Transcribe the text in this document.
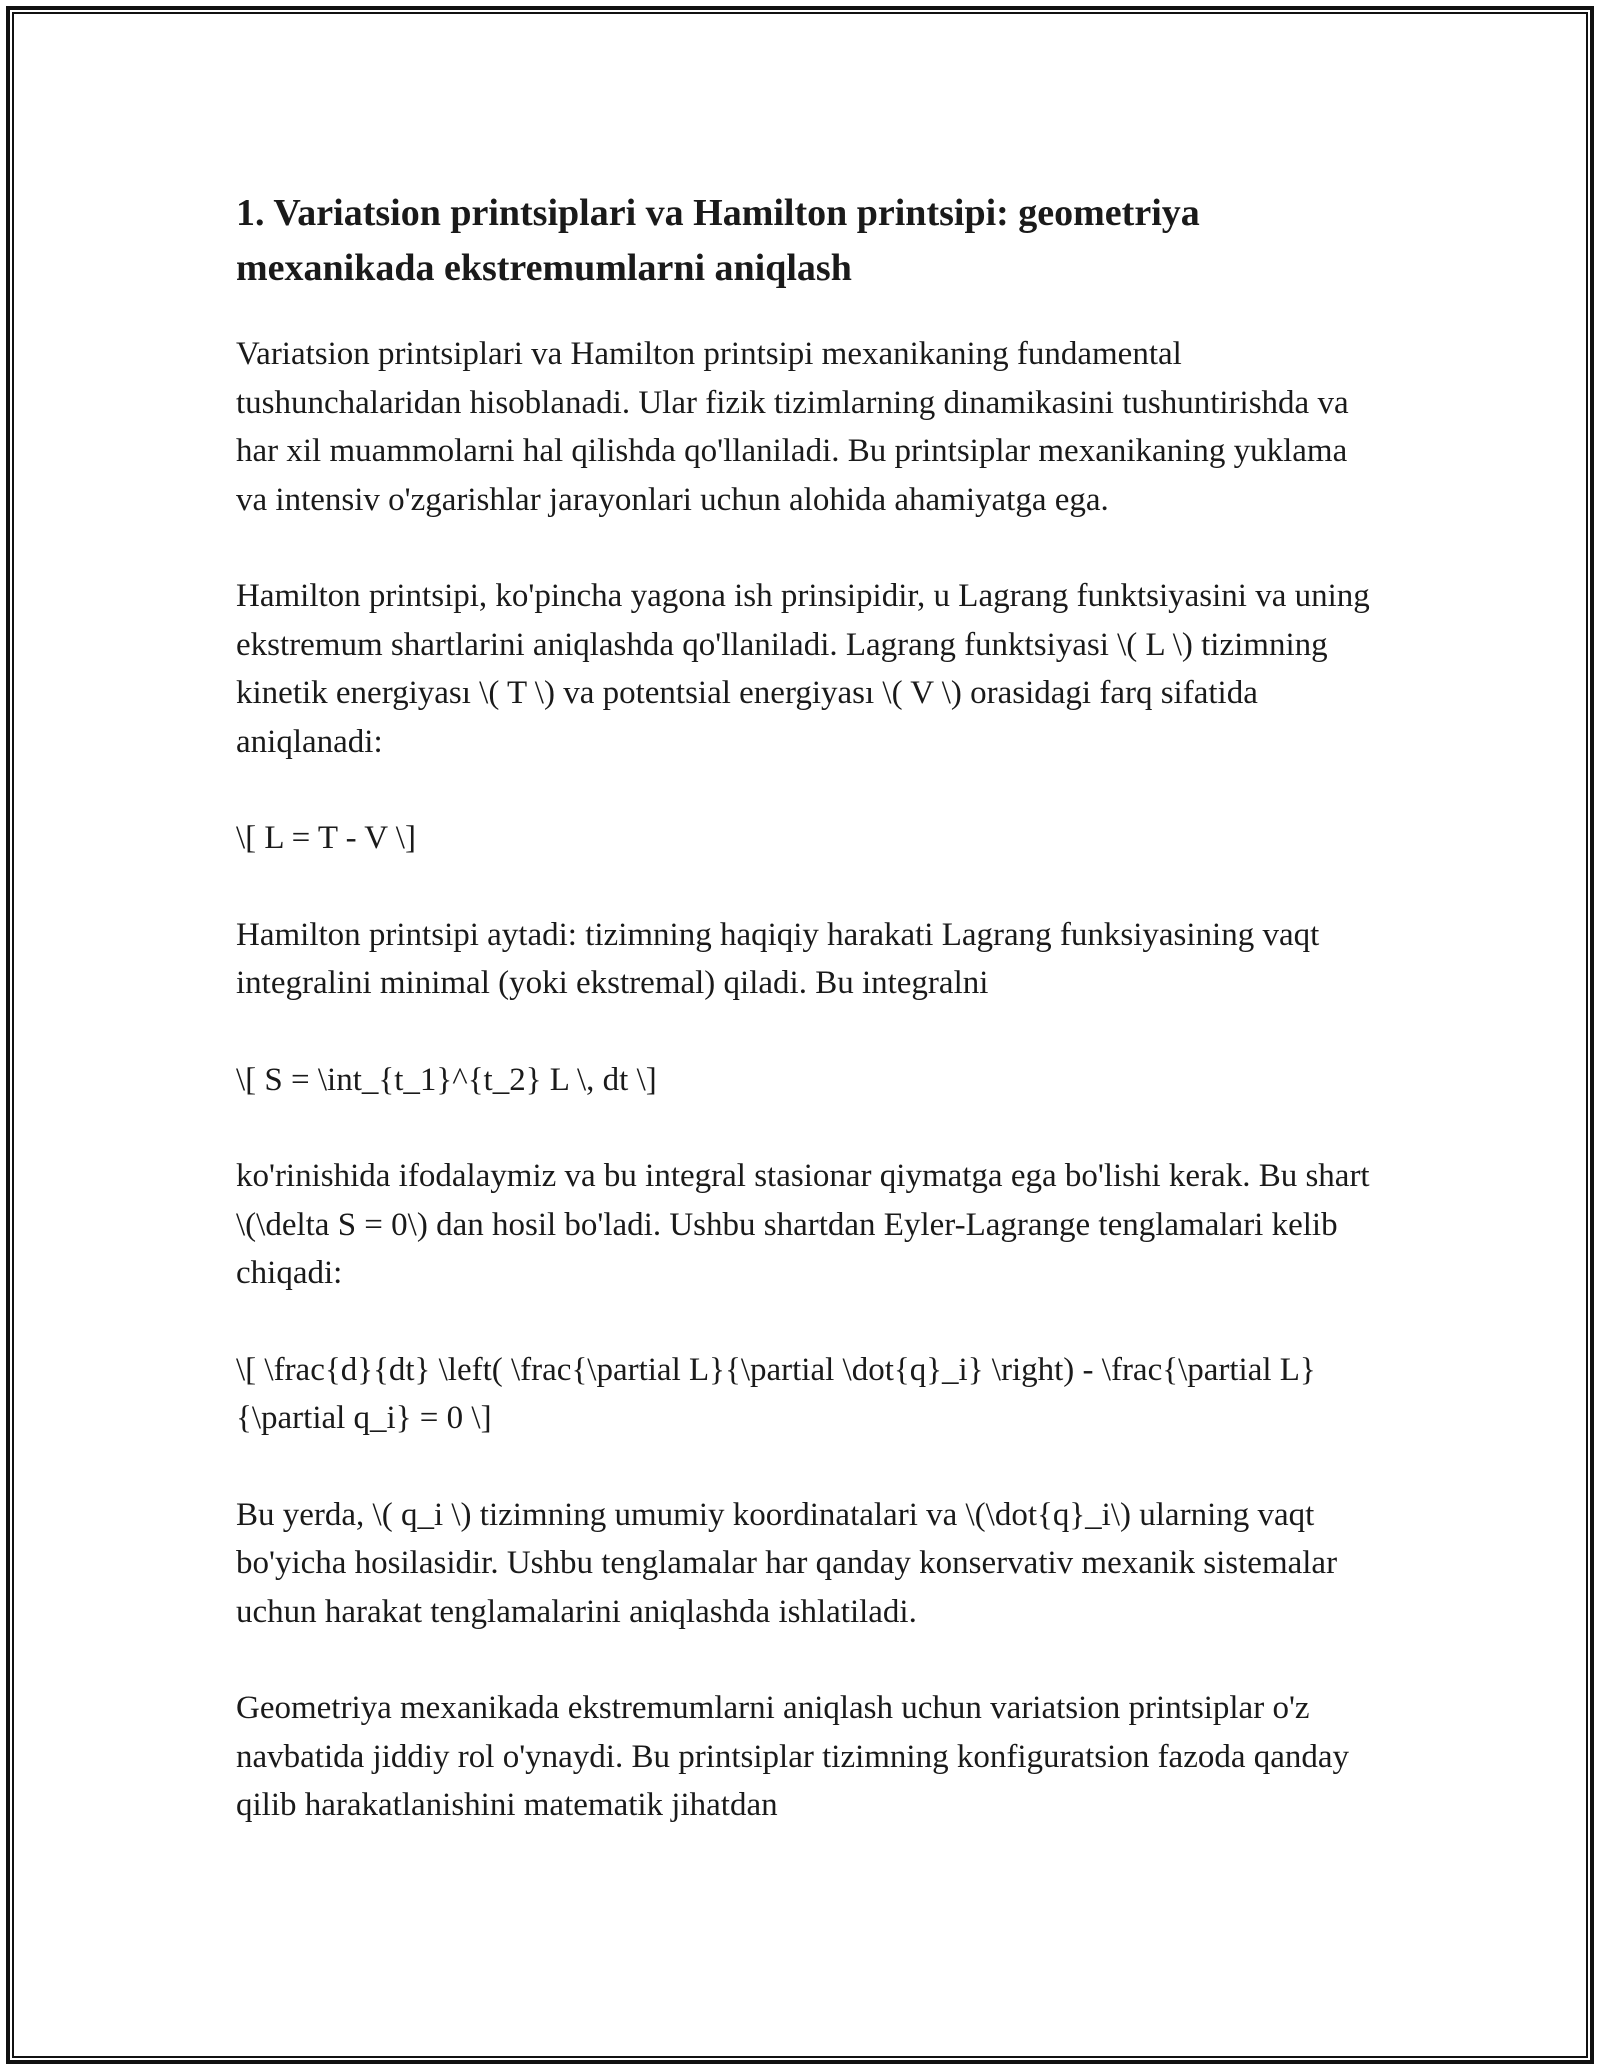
1. Variatsion printsiplari va Hamilton printsipi: geometriya mexanikada ekstremumlarni aniqlash

Variatsion printsiplari va Hamilton printsipi mexanikaning fundamental tushunchalaridan hisoblanadi. Ular fizik tizimlarning dinamikasini tushuntirishda va har xil muammolarni hal qilishda qo'llaniladi. Bu printsiplar mexanikaning yuklama va intensiv o'zgarishlar jarayonlari uchun alohida ahamiyatga ega.

Hamilton printsipi, ko'pincha yagona ish prinsipidir, u Lagrang funktsiyasini va uning ekstremum shartlarini aniqlashda qo'llaniladi. Lagrang funktsiyasi \( L \) tizimning kinetik energiyası \( T \) va potentsial energiyası \( V \) orasidagi farq sifatida aniqlanadi:

\[ L = T - V \]

Hamilton printsipi aytadi: tizimning haqiqiy harakati Lagrang funksiyasining vaqt integralini minimal (yoki ekstremal) qiladi. Bu integralni

\[ S = \int_{t_1}^{t_2} L \, dt \]

ko'rinishida ifodalaymiz va bu integral stasionar qiymatga ega bo'lishi kerak. Bu shart \(\delta S = 0\) dan hosil bo'ladi. Ushbu shartdan Eyler-Lagrange tenglamalari kelib chiqadi:

\[ \frac{d}{dt} \left( \frac{\partial L}{\partial \dot{q}_i} \right) - \frac{\partial L}{\partial q_i} = 0 \]

Bu yerda, \( q_i \) tizimning umumiy koordinatalari va \(\dot{q}_i\) ularning vaqt bo'yicha hosilasidir. Ushbu tenglamalar har qanday konservativ mexanik sistemalar uchun harakat tenglamalarini aniqlashda ishlatiladi.

Geometriya mexanikada ekstremumlarni aniqlash uchun variatsion printsiplar o'z navbatida jiddiy rol o'ynaydi. Bu printsiplar tizimning konfiguratsion fazoda qanday qilib harakatlanishini matematik jihatdan
